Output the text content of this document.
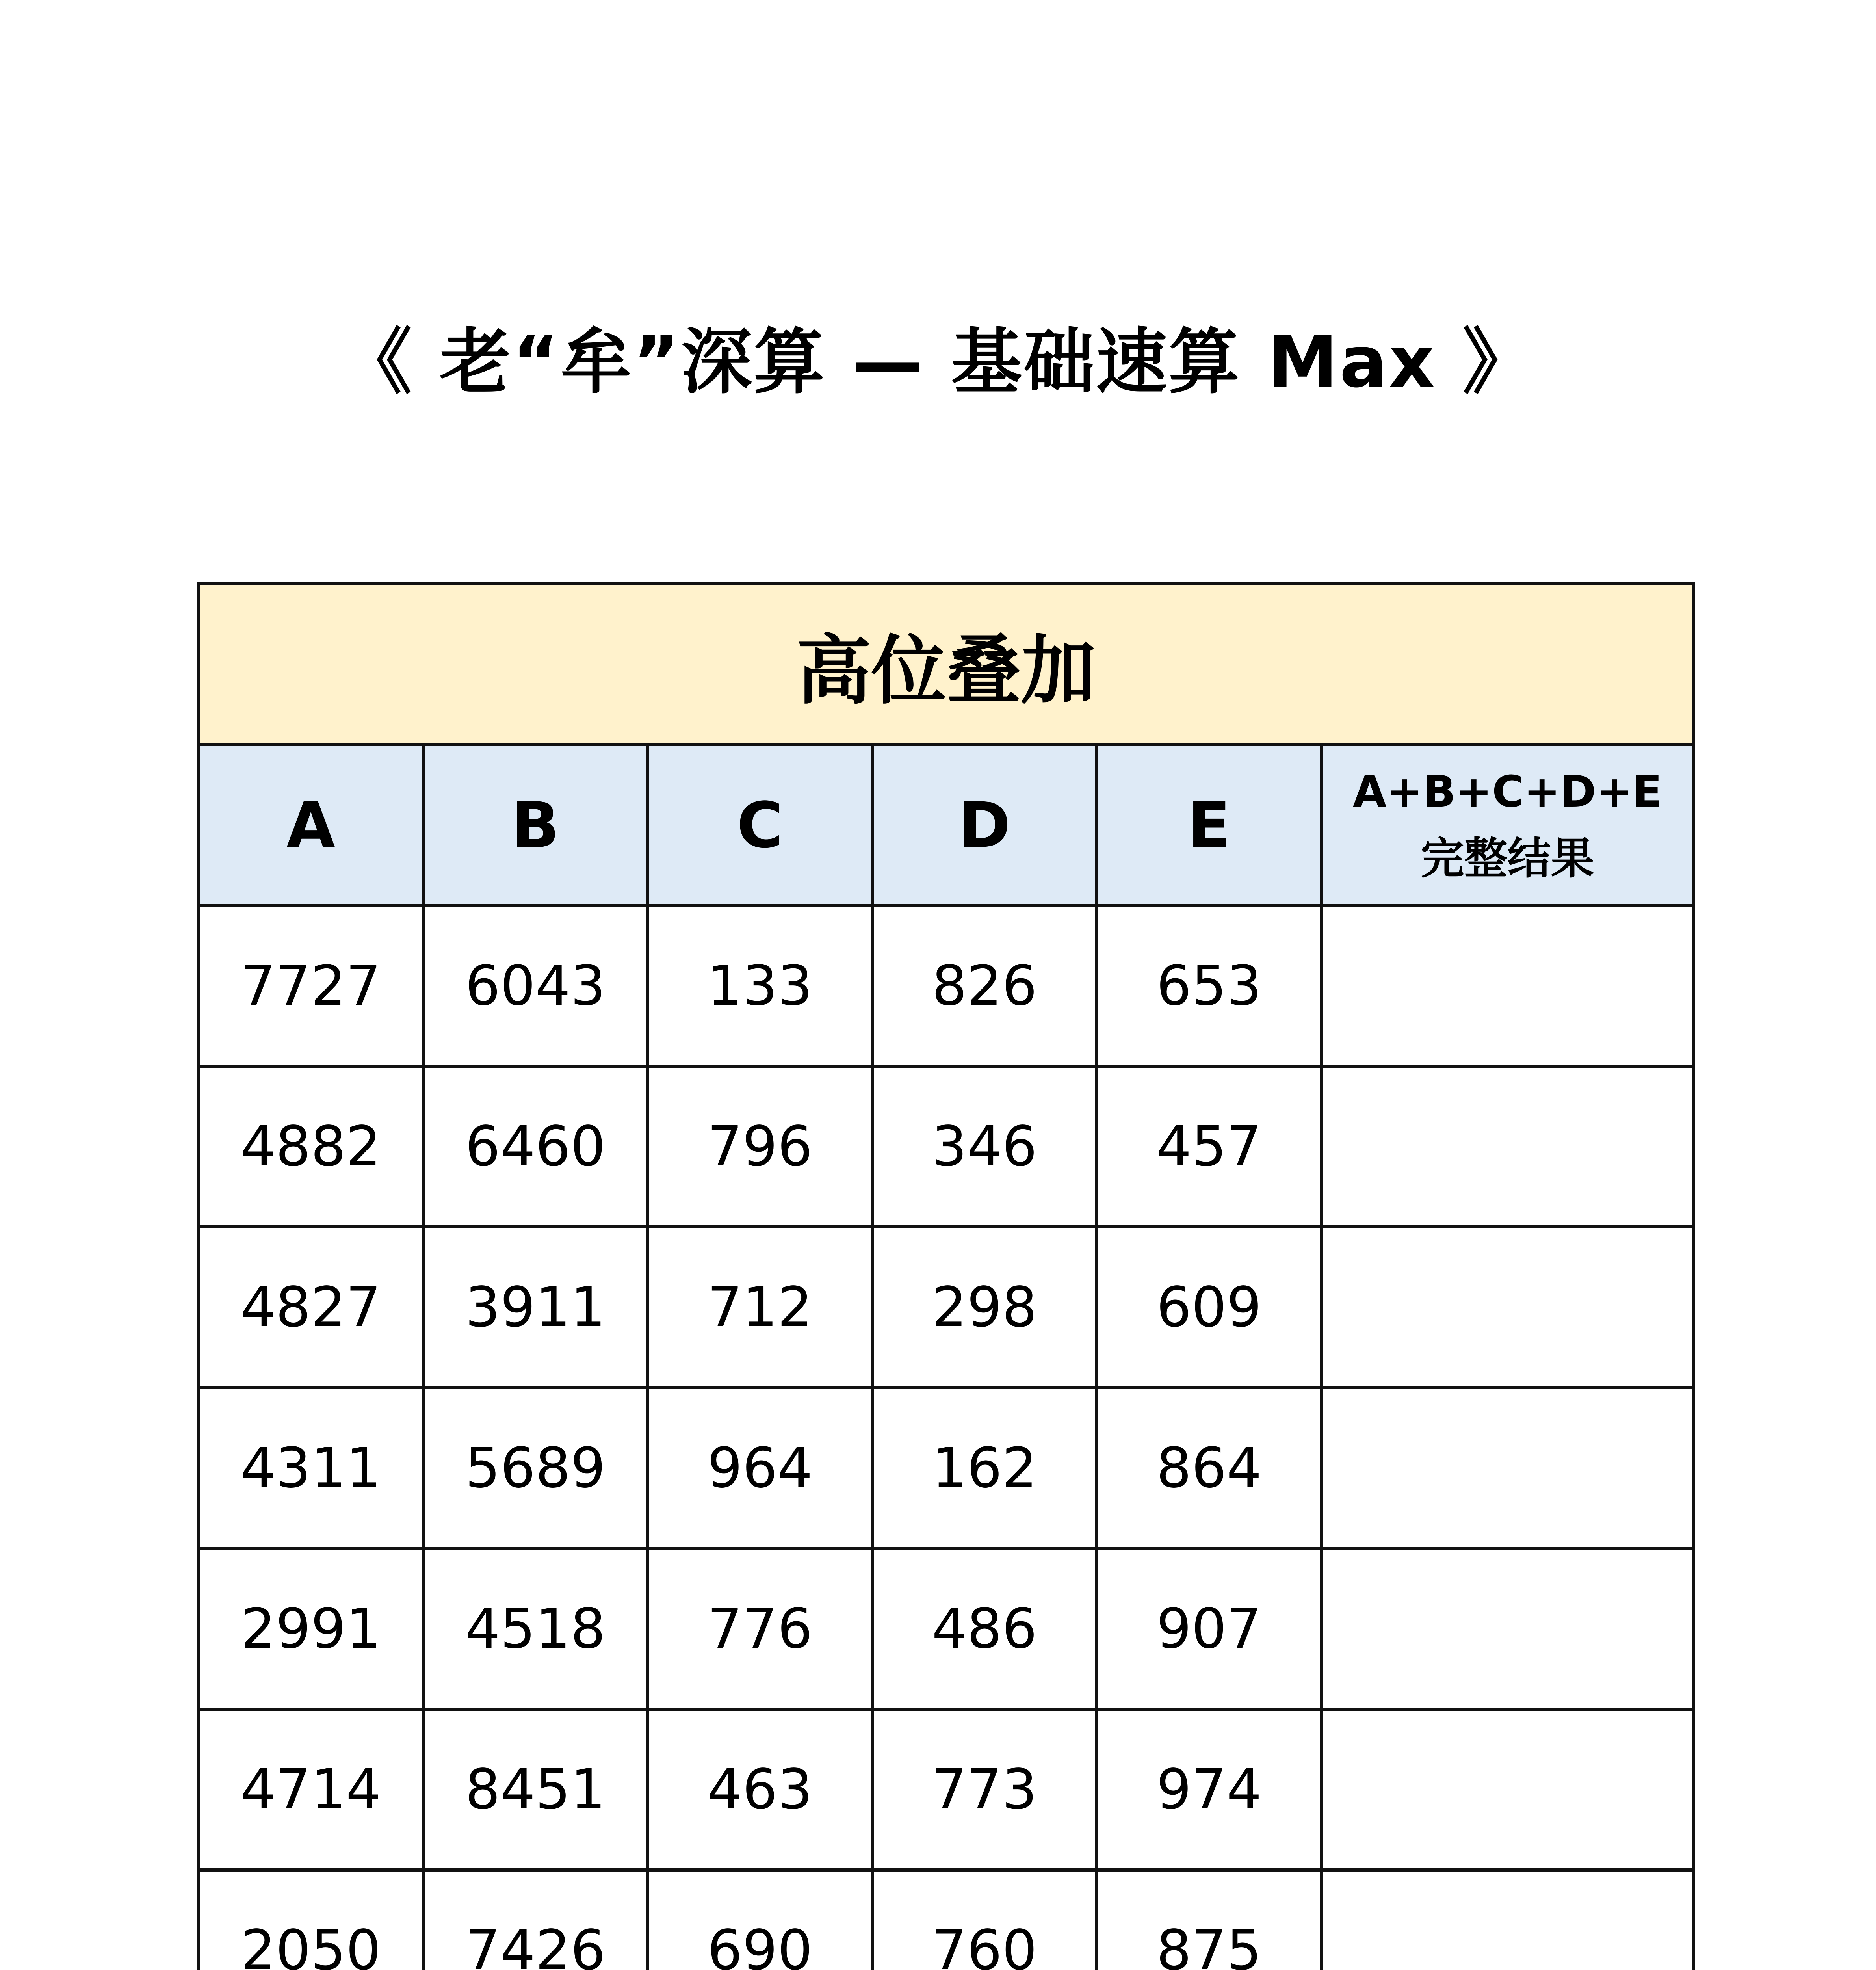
《 老“牟”深算 — 基础速算 Max 》
高位叠加					
A	B	C	D	E	A+B+C+D+E
完整结果

7727	6043	133	826	653	
4882	6460	796	346	457	
4827	3911	712	298	609	
4311	5689	964	162	864	
2991	4518	776	486	907	
4714	8451	463	773	974	
2050	7426	690	760	875	
